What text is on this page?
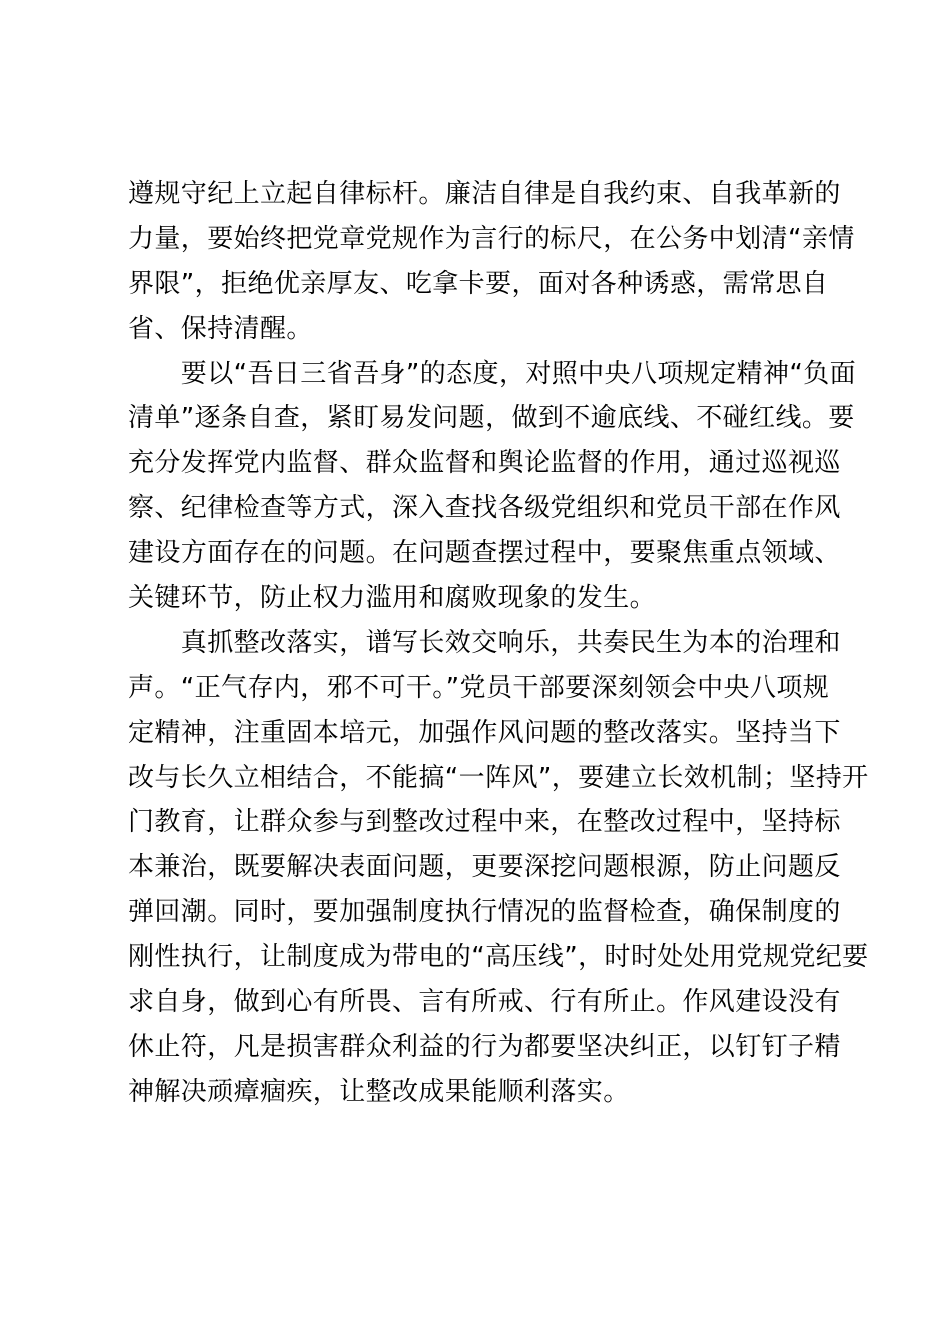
遵规守纪上立起自律标杆。廉洁自律是自我约束、自我革新的
力量，要始终把党章党规作为言行的标尺，在公务中划清“亲情
界限”，拒绝优亲厚友、吃拿卡要，面对各种诱惑，需常思自
省、保持清醒。
　　要以“吾日三省吾身”的态度，对照中央八项规定精神“负面
清单”逐条自查，紧盯易发问题，做到不逾底线、不碰红线。要
充分发挥党内监督、群众监督和舆论监督的作用，通过巡视巡
察、纪律检查等方式，深入查找各级党组织和党员干部在作风
建设方面存在的问题。在问题查摆过程中，要聚焦重点领域、
关键环节，防止权力滥用和腐败现象的发生。
　　真抓整改落实，谱写长效交响乐，共奏民生为本的治理和
声。“正气存内，邪不可干。”党员干部要深刻领会中央八项规
定精神，注重固本培元，加强作风问题的整改落实。坚持当下
改与长久立相结合，不能搞“一阵风”，要建立长效机制；坚持开
门教育，让群众参与到整改过程中来，在整改过程中，坚持标
本兼治，既要解决表面问题，更要深挖问题根源，防止问题反
弹回潮。同时，要加强制度执行情况的监督检查，确保制度的
刚性执行，让制度成为带电的“高压线”，时时处处用党规党纪要
求自身，做到心有所畏、言有所戒、行有所止。作风建设没有
休止符，凡是损害群众利益的行为都要坚决纠正，以钉钉子精
神解决顽瘴痼疾，让整改成果能顺利落实。
